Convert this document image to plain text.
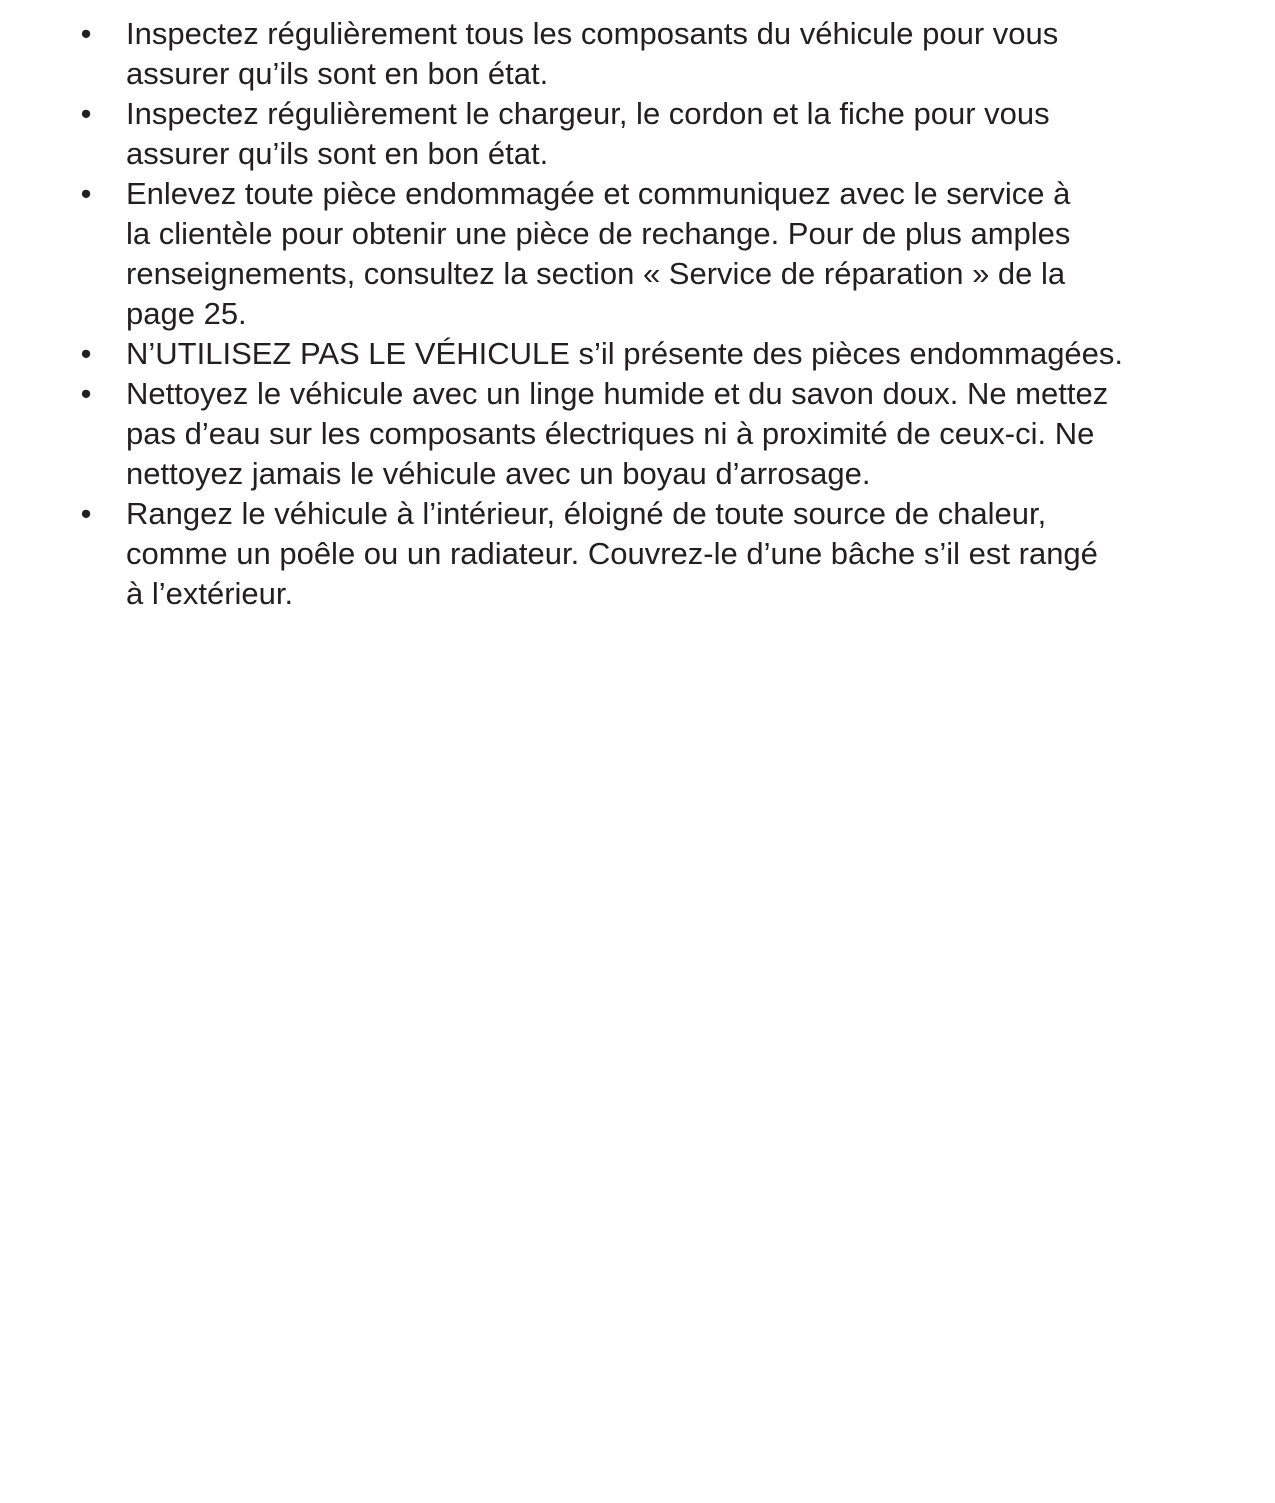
• Inspectez régulièrement tous les composants du véhicule pour vous
assurer qu’ils sont en bon état.
• Inspectez régulièrement le chargeur, le cordon et la fiche pour vous
assurer qu’ils sont en bon état.
• Enlevez toute pièce endommagée et communiquez avec le service à
la clientèle pour obtenir une pièce de rechange. Pour de plus amples
renseignements, consultez la section « Service de réparation » de la
page 25.
• N’UTILISEZ PAS LE VÉHICULE s’il présente des pièces endommagées.
• Nettoyez le véhicule avec un linge humide et du savon doux. Ne mettez
pas d’eau sur les composants électriques ni à proximité de ceux-ci. Ne
nettoyez jamais le véhicule avec un boyau d’arrosage.
• Rangez le véhicule à l’intérieur, éloigné de toute source de chaleur,
comme un poêle ou un radiateur. Couvrez-le d’une bâche s’il est rangé
à l’extérieur.
